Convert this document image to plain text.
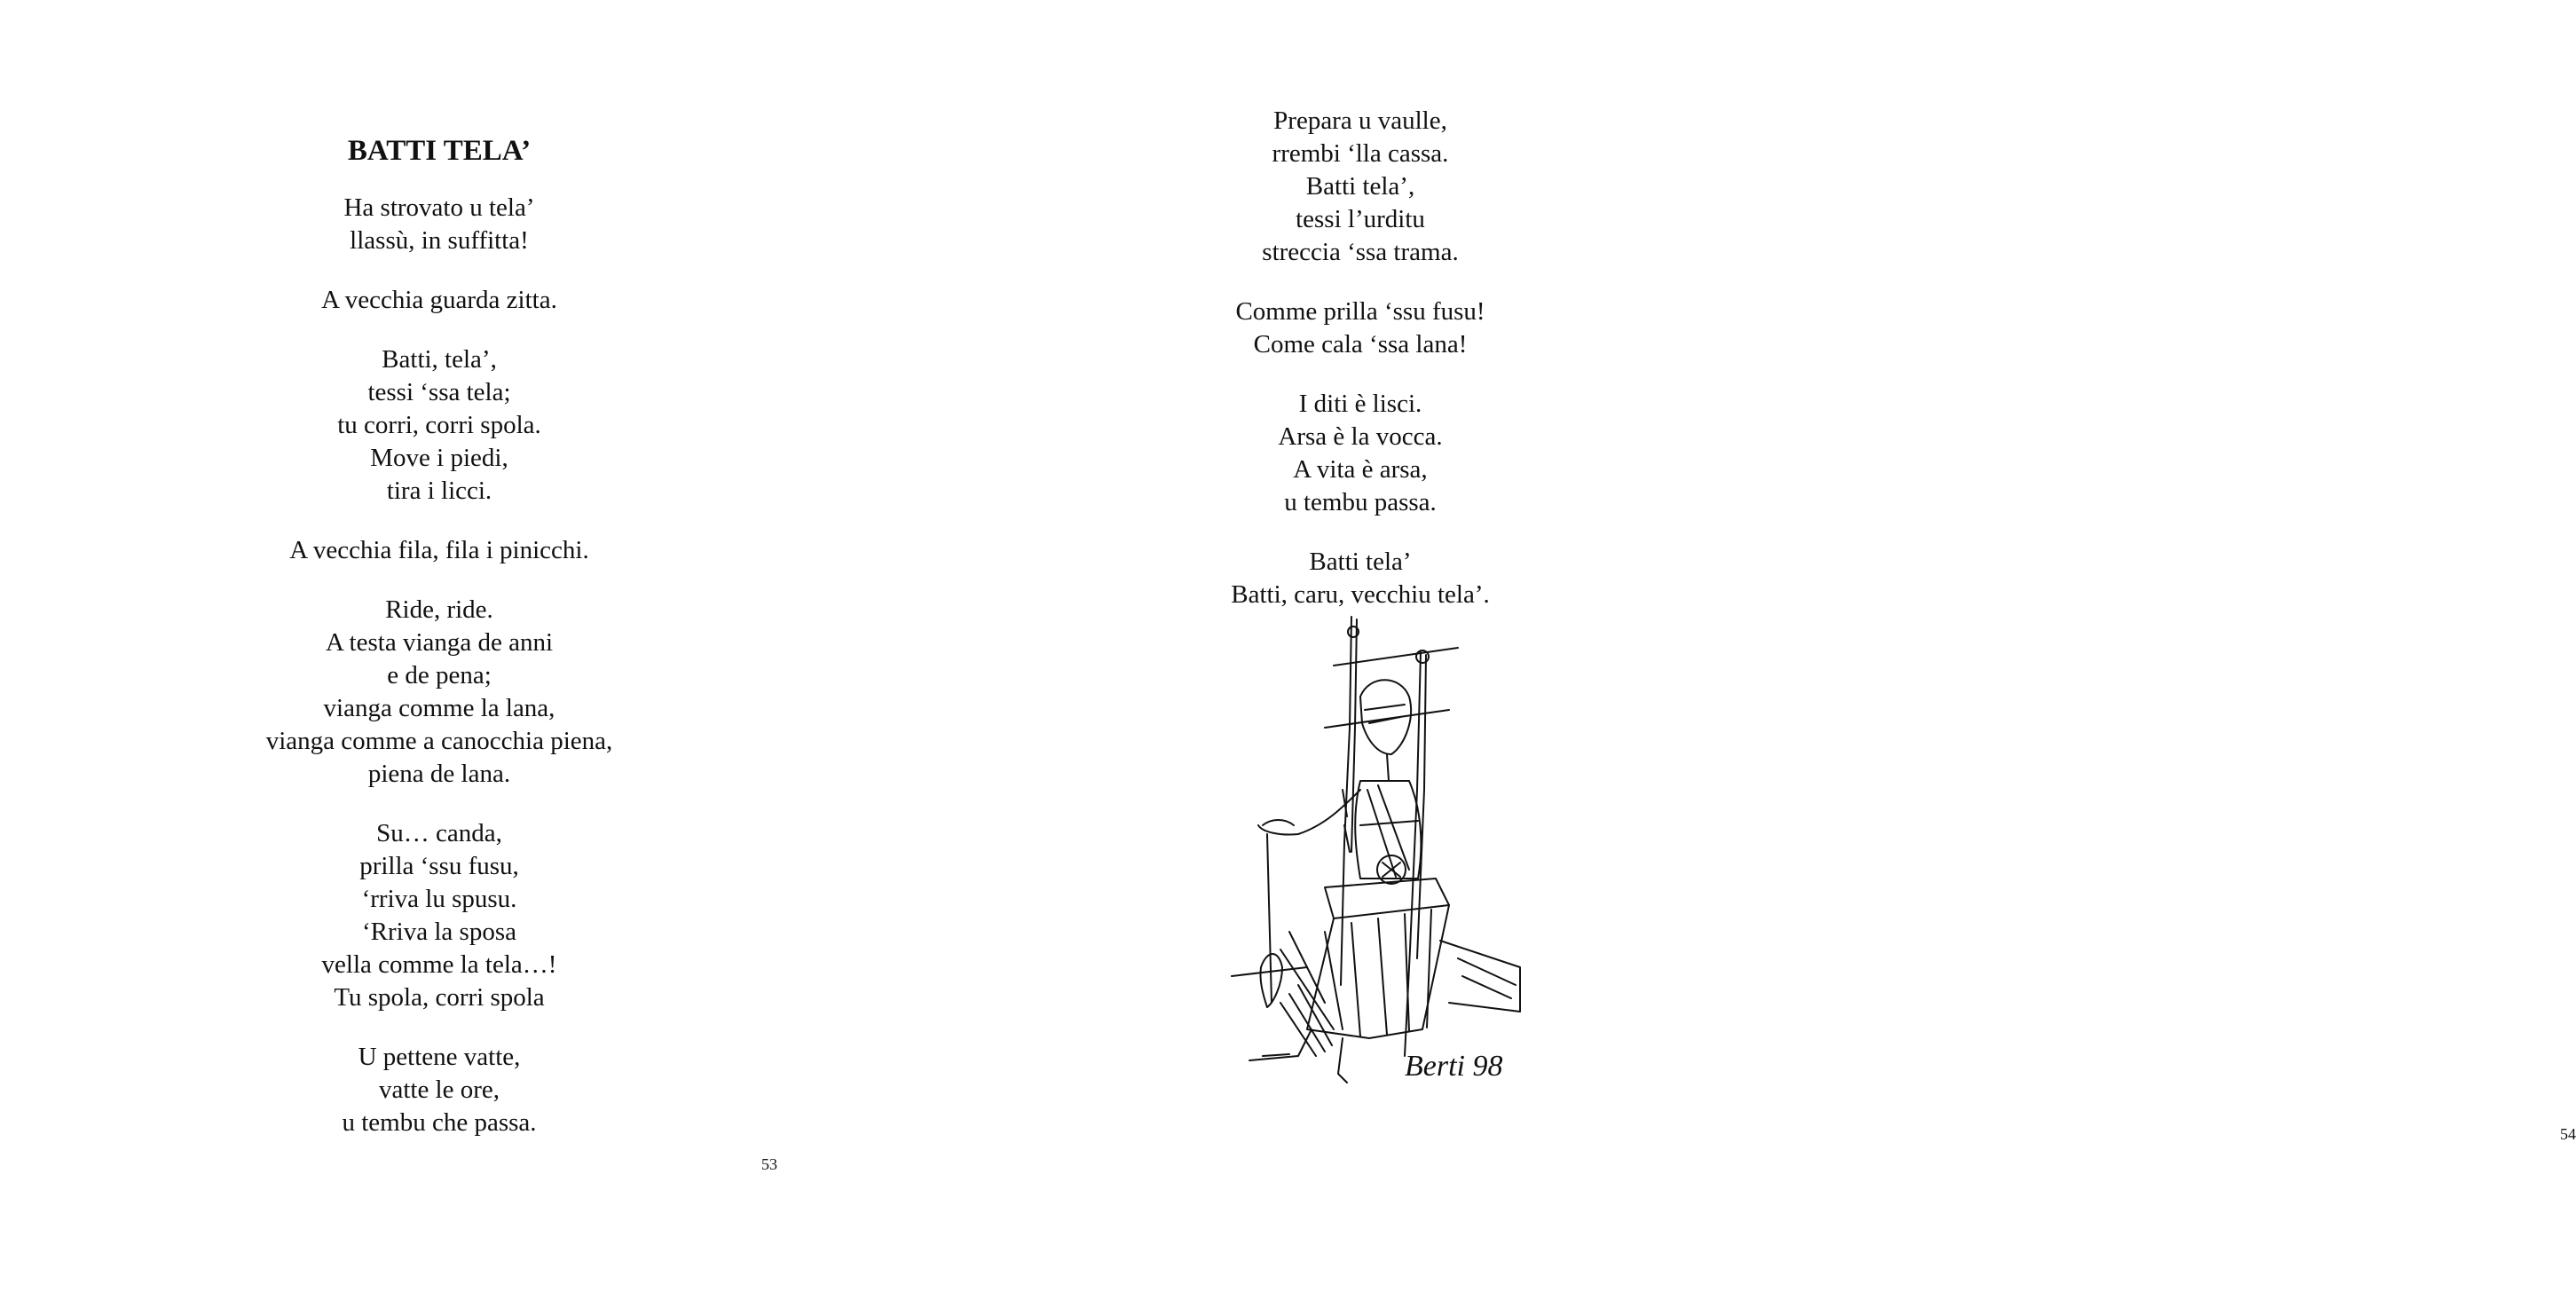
BATTI TELA’
Ha strovato u tela’
llassù, in suffitta!
A vecchia guarda zitta.
Batti, tela’,
tessi ‘ssa tela;
tu corri, corri spola.
Move i piedi,
tira i licci.
A vecchia fila, fila i pinicchi.
Ride, ride.
A testa vianga de anni
e de pena;
vianga comme la lana,
vianga comme a canocchia piena,
piena de lana.
Su… canda,
prilla ‘ssu fusu,
‘rriva lu spusu.
‘Rriva la sposa
vella comme la tela…!
Tu spola, corri spola
U pettene vatte,
vatte le ore,
u tembu che passa.
53
Prepara u vaulle,
rrembi ‘lla cassa.
Batti tela’,
tessi l’urditu
streccia ‘ssa trama.
Comme prilla ‘ssu fusu!
Come cala ‘ssa lana!
I diti è lisci.
Arsa è la vocca.
A vita è arsa,
u tembu passa.
Batti tela’
Batti, caru, vecchiu tela’.
Berti 98
54
